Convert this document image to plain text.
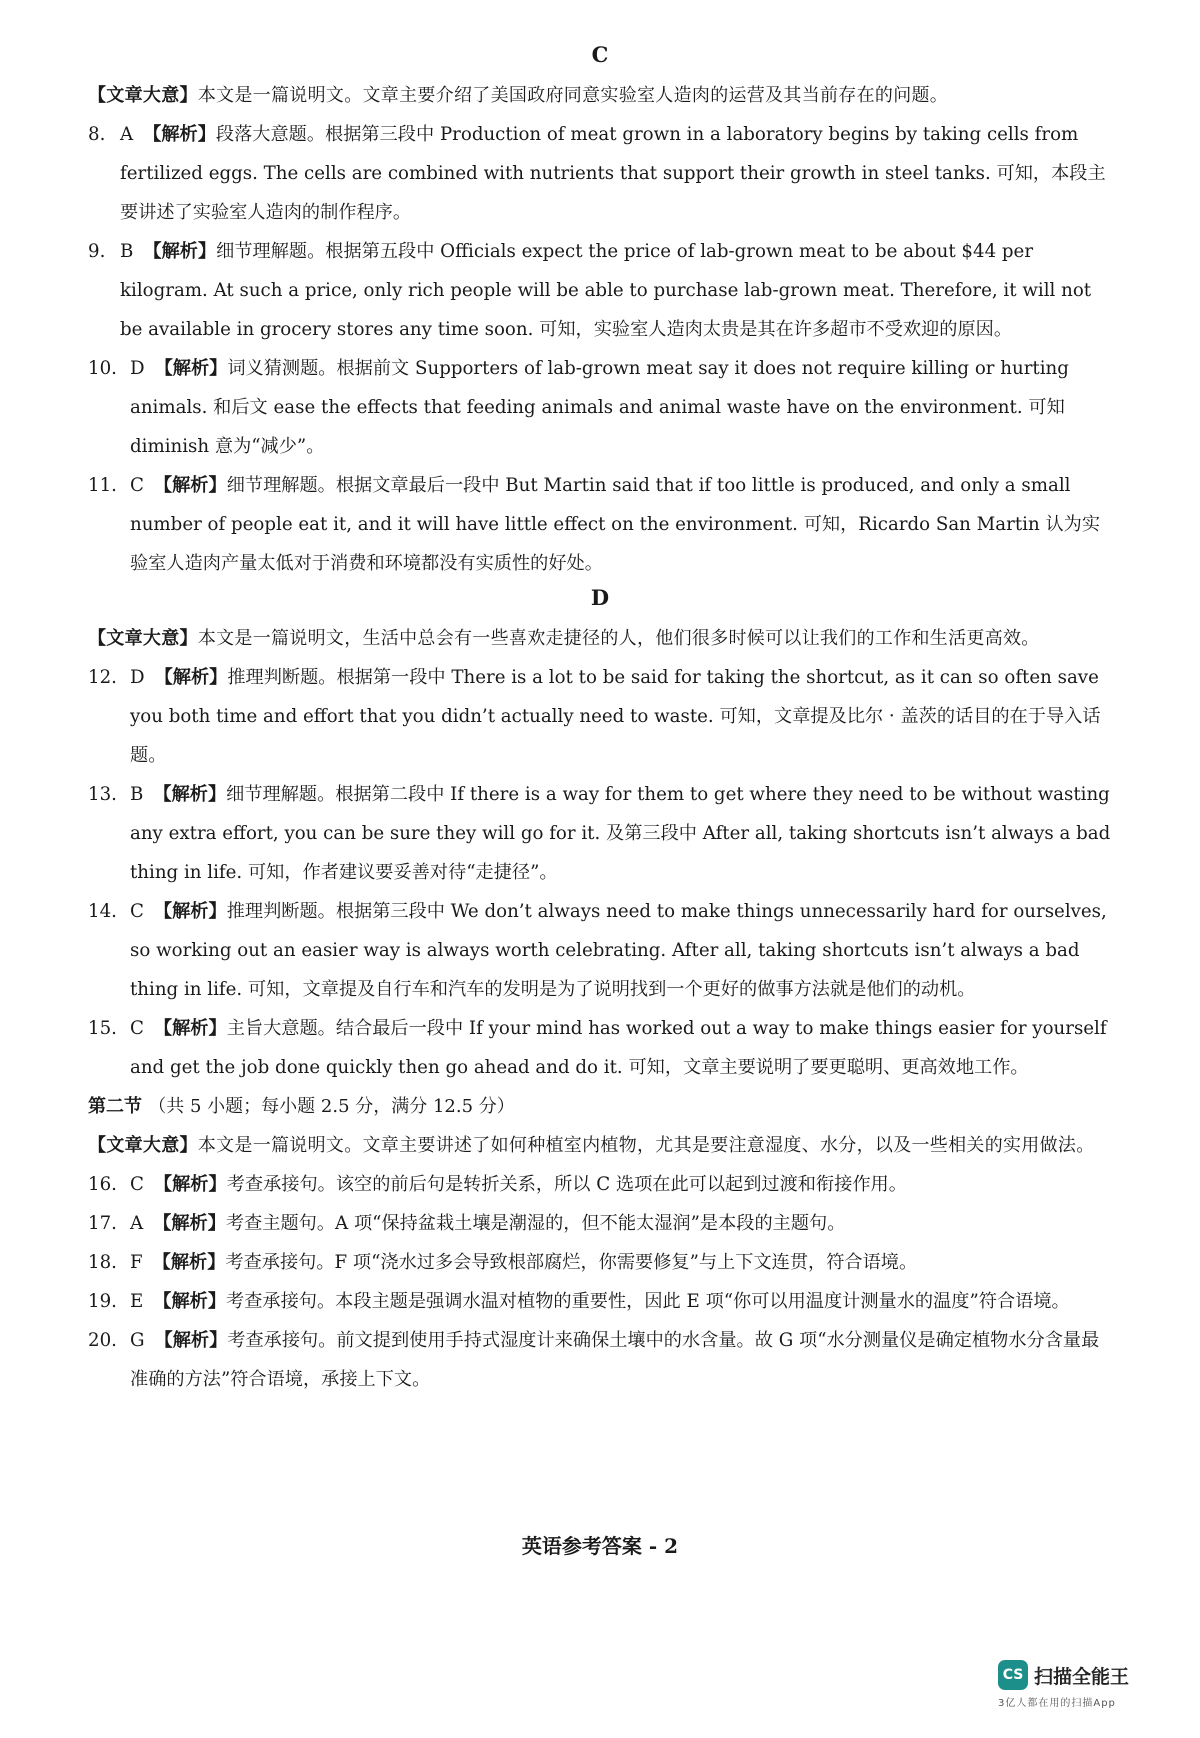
C

【文章大意】本文是一篇说明文。文章主要介绍了美国政府同意实验室人造肉的运营及其当前存在的问题。

8. A 【解析】段落大意题。根据第三段中 Production of meat grown in a laboratory begins by taking cells from fertilized eggs. The cells are combined with nutrients that support their growth in steel tanks. 可知，本段主要讲述了实验室人造肉的制作程序。

9. B 【解析】细节理解题。根据第五段中 Officials expect the price of lab-grown meat to be about $44 per kilogram. At such a price, only rich people will be able to purchase lab-grown meat. Therefore, it will not be available in grocery stores any time soon. 可知，实验室人造肉太贵是其在许多超市不受欢迎的原因。

10. D 【解析】词义猜测题。根据前文 Supporters of lab-grown meat say it does not require killing or hurting animals. 和后文 ease the effects that feeding animals and animal waste have on the environment. 可知 diminish 意为“减少”。

11. C 【解析】细节理解题。根据文章最后一段中 But Martin said that if too little is produced, and only a small number of people eat it, and it will have little effect on the environment. 可知，Ricardo San Martin 认为实验室人造肉产量太低对于消费和环境都没有实质性的好处。

D

【文章大意】本文是一篇说明文，生活中总会有一些喜欢走捷径的人，他们很多时候可以让我们的工作和生活更高效。

12. D 【解析】推理判断题。根据第一段中 There is a lot to be said for taking the shortcut, as it can so often save you both time and effort that you didn’t actually need to waste. 可知，文章提及比尔 · 盖茨的话目的在于导入话题。

13. B 【解析】细节理解题。根据第二段中 If there is a way for them to get where they need to be without wasting any extra effort, you can be sure they will go for it. 及第三段中 After all, taking shortcuts isn’t always a bad thing in life. 可知，作者建议要妥善对待“走捷径”。

14. C 【解析】推理判断题。根据第三段中 We don’t always need to make things unnecessarily hard for ourselves, so working out an easier way is always worth celebrating. After all, taking shortcuts isn’t always a bad thing in life. 可知，文章提及自行车和汽车的发明是为了说明找到一个更好的做事方法就是他们的动机。

15. C 【解析】主旨大意题。结合最后一段中 If your mind has worked out a way to make things easier for yourself and get the job done quickly then go ahead and do it. 可知，文章主要说明了要更聪明、更高效地工作。

第二节 （共 5 小题；每小题 2.5 分，满分 12.5 分）

【文章大意】本文是一篇说明文。文章主要讲述了如何种植室内植物，尤其是要注意湿度、水分，以及一些相关的实用做法。

16. C 【解析】考查承接句。该空的前后句是转折关系，所以 C 选项在此可以起到过渡和衔接作用。

17. A 【解析】考查主题句。A 项“保持盆栽土壤是潮湿的，但不能太湿润”是本段的主题句。

18. F 【解析】考查承接句。F 项“浇水过多会导致根部腐烂，你需要修复”与上下文连贯，符合语境。

19. E 【解析】考查承接句。本段主题是强调水温对植物的重要性，因此 E 项“你可以用温度计测量水的温度”符合语境。

20. G 【解析】考查承接句。前文提到使用手持式湿度计来确保土壤中的水含量。故 G 项“水分测量仪是确定植物水分含量最准确的方法”符合语境，承接上下文。

英语参考答案 - 2
CS 扫描全能王
3亿人都在用的扫描App
